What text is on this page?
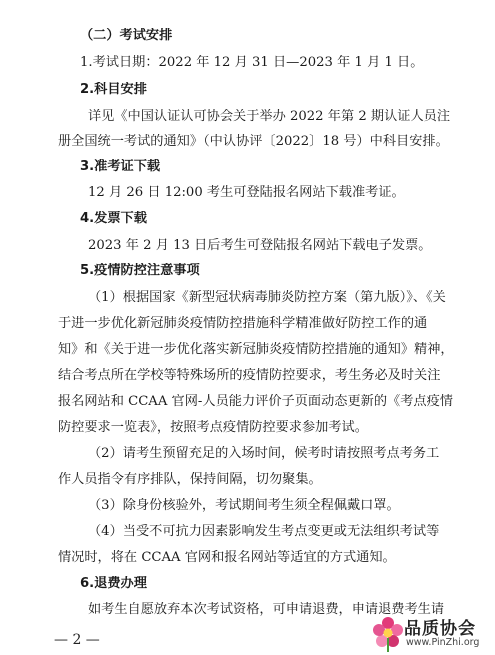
（二）考试安排
1.考试日期：2022 年 12 月 31 日—2023 年 1 月 1 日。
2.科目安排
详见《中国认证认可协会关于举办 2022 年第 2 期认证人员注
册全国统一考试的通知》（中认协评〔2022〕18 号）中科目安排。
3.准考证下载
12 月 26 日 12:00 考生可登陆报名网站下载准考证。
4.发票下载
2023 年 2 月 13 日后考生可登陆报名网站下载电子发票。
5.疫情防控注意事项
（1）根据国家《新型冠状病毒肺炎防控方案（第九版）》、《关
于进一步优化新冠肺炎疫情防控措施科学精准做好防控工作的通
知》和《关于进一步优化落实新冠肺炎疫情防控措施的通知》精神，
结合考点所在学校等特殊场所的疫情防控要求，考生务必及时关注
报名网站和 CCAA 官网-人员能力评价子页面动态更新的《考点疫情
防控要求一览表》，按照考点疫情防控要求参加考试。
（2）请考生预留充足的入场时间，候考时请按照考点考务工
作人员指令有序排队，保持间隔，切勿聚集。
（3）除身份核验外，考试期间考生须全程佩戴口罩。
（4）当受不可抗力因素影响发生考点变更或无法组织考试等
情况时，将在 CCAA 官网和报名网站等适宜的方式通知。
6.退费办理
如考生自愿放弃本次考试资格，可申请退费，申请退费考生请
— 2 —
品质协会
www.PinZhi.org
